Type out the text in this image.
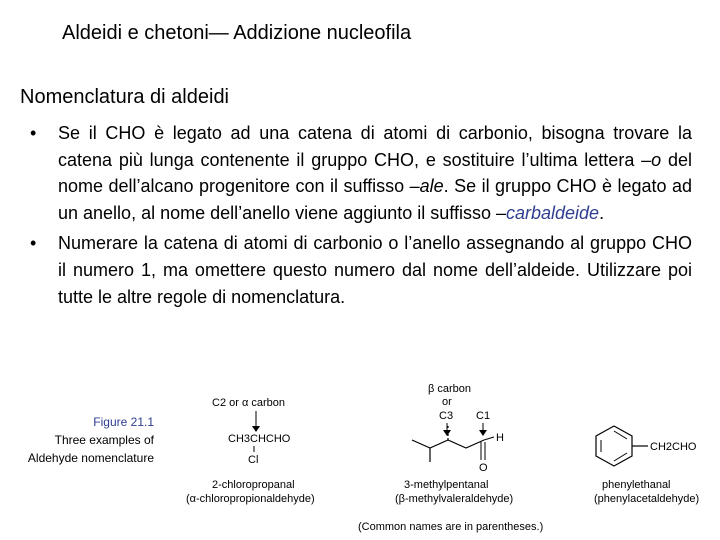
Aldeidi e chetoni— Addizione nucleofila
Nomenclatura di aldeidi
• Se il CHO è legato ad una catena di atomi di carbonio, bisogna trovare la catena più lunga contenente il gruppo CHO, e sostituire l’ultima lettera –o del nome dell’alcano progenitore con il suffisso –ale. Se il gruppo CHO è legato ad un anello, al nome dell’anello viene aggiunto il suffisso –carbaldeide.
• Numerare la catena di atomi di carbonio o l’anello assegnando al gruppo CHO il numero 1, ma omettere questo numero dal nome dell’aldeide. Utilizzare poi tutte le altre regole di nomenclatura.
Figure 21.1
Three examples of
Aldehyde nomenclature
C2 or α carbon
CH3CHCHO
Cl
2-chloropropanal
(α-chloropropionaldehyde)
β carbon
or
C3 C1
H
O
3-methylpentanal
(β-methylvaleraldehyde)
CH2CHO
phenylethanal
(phenylacetaldehyde)
(Common names are in parentheses.)
